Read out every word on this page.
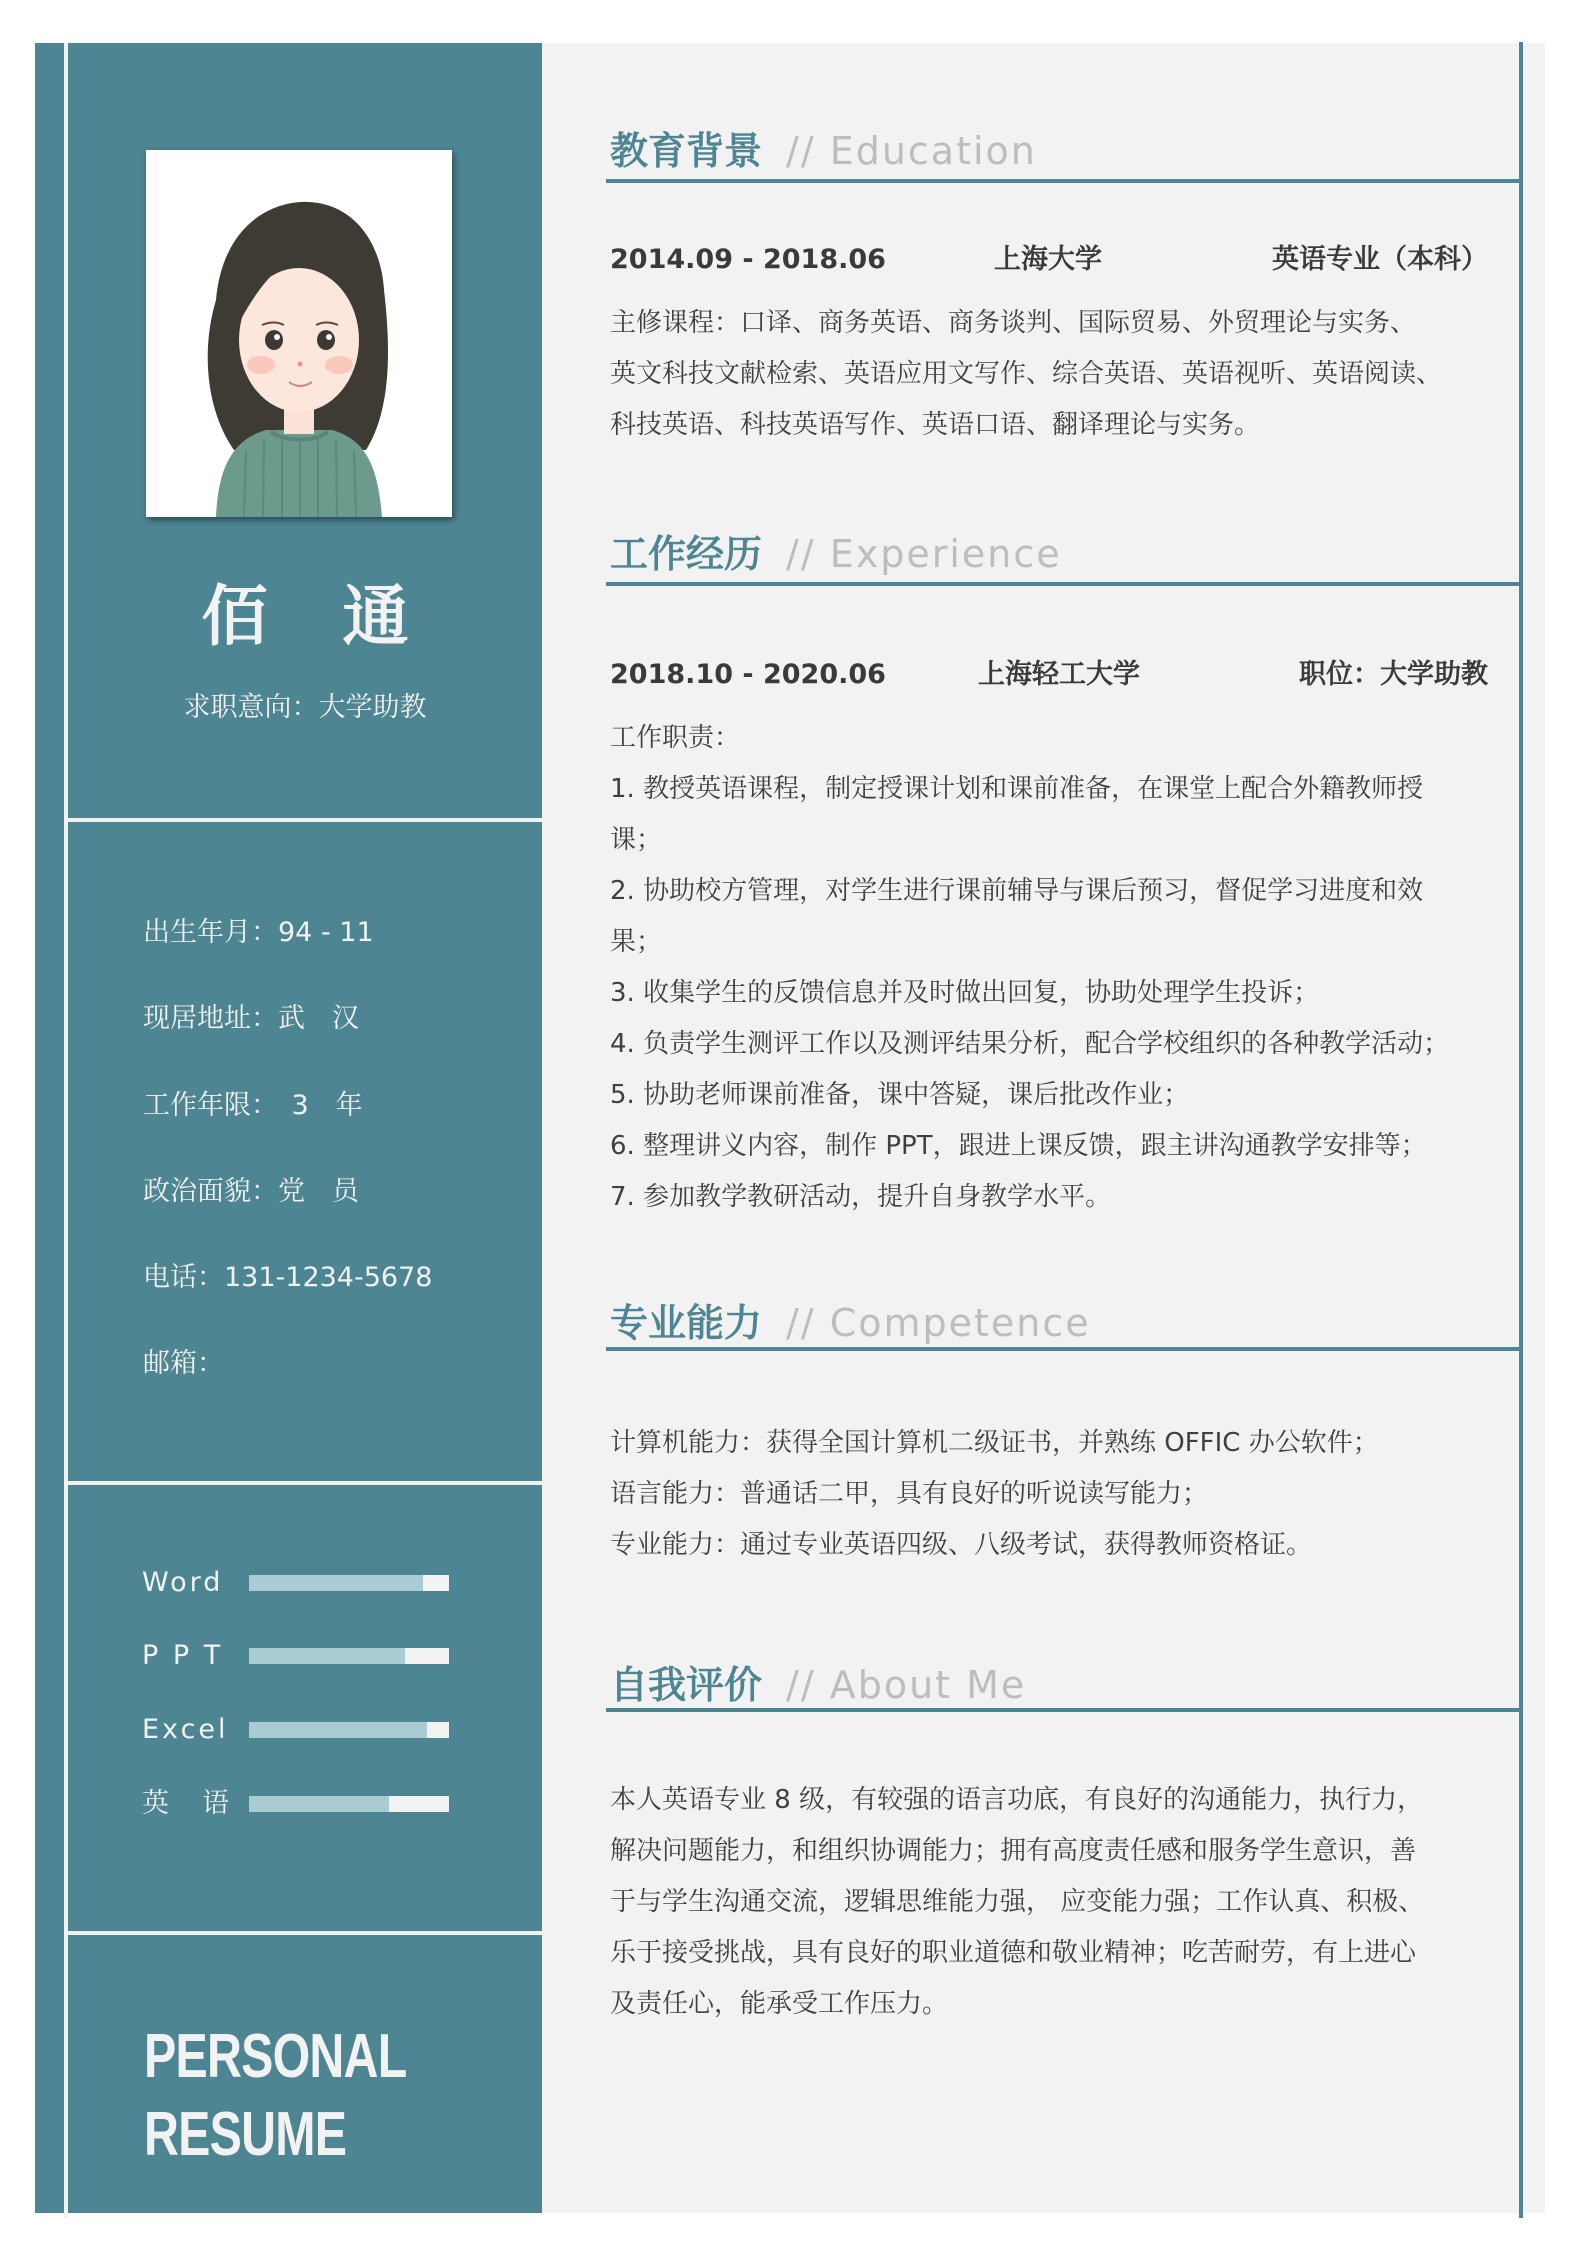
佰 通
求职意向：大学助教
出生年月：94 - 11
现居地址：武　汉
工作年限：　3　年
政治面貌：党　员
电话：131-1234-5678
邮箱：
Word
P P T
Excel
英　语
PERSONAL
RESUME
教育背景 // Education
2014.09 - 2018.06	上海大学	英语专业（本科）

主修课程：口译、商务英语、商务谈判、国际贸易、外贸理论与实务、

英文科技文献检索、英语应用文写作、综合英语、英语视听、英语阅读、

科技英语、科技英语写作、英语口语、翻译理论与实务。

工作经历 // Experience
2018.10 - 2020.06	上海轻工大学	职位：大学助教

工作职责：

1. 教授英语课程，制定授课计划和课前准备，在课堂上配合外籍教师授

课；

2. 协助校方管理，对学生进行课前辅导与课后预习，督促学习进度和效

果；

3. 收集学生的反馈信息并及时做出回复，协助处理学生投诉；

4. 负责学生测评工作以及测评结果分析，配合学校组织的各种教学活动；

5. 协助老师课前准备，课中答疑，课后批改作业；

6. 整理讲义内容，制作 PPT，跟进上课反馈，跟主讲沟通教学安排等；

7. 参加教学教研活动，提升自身教学水平。

专业能力 // Competence

计算机能力：获得全国计算机二级证书，并熟练 OFFIC 办公软件；

语言能力：普通话二甲，具有良好的听说读写能力；

专业能力：通过专业英语四级、八级考试，获得教师资格证。

自我评价 // About Me

本人英语专业 8 级，有较强的语言功底，有良好的沟通能力，执行力，

解决问题能力，和组织协调能力；拥有高度责任感和服务学生意识，善

于与学生沟通交流，逻辑思维能力强， 应变能力强；工作认真、积极、

乐于接受挑战，具有良好的职业道德和敬业精神；吃苦耐劳，有上进心

及责任心，能承受工作压力。
